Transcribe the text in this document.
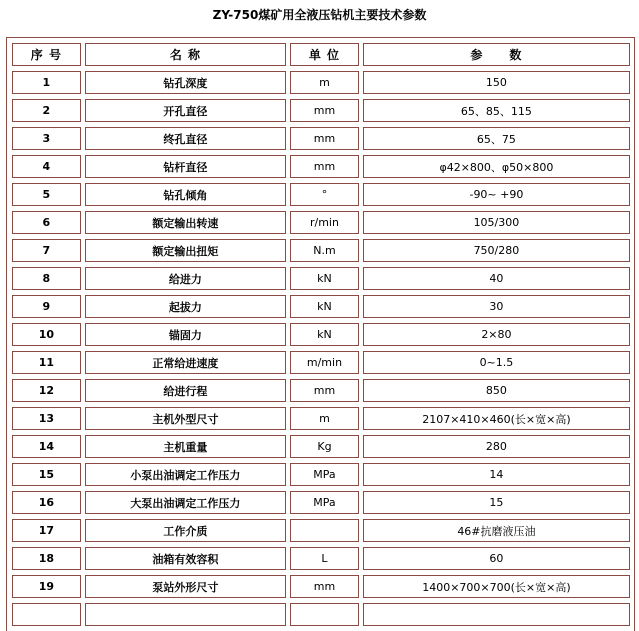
ZY-750煤矿用全液压钻机主要技术参数
序 号	名 称	单 位	参　　数
1	钻孔深度	m	150
2	开孔直径	mm	65、85、115
3	终孔直径	mm	65、75
4	钻杆直径	mm	φ42×800、φ50×800
5	钻孔倾角	°	-90~ +90
6	额定输出转速	r/min	105/300
7	额定输出扭矩	N.m	750/280
8	给进力	kN	40
9	起拔力	kN	30
10	锚固力	kN	2×80
11	正常给进速度	m/min	0~1.5
12	给进行程	mm	850
13	主机外型尺寸	m	2107×410×460(长×宽×高)
14	主机重量	Kg	280
15	小泵出油调定工作压力	MPa	14
16	大泵出油调定工作压力	MPa	15
17	工作介质		46#抗磨液压油
18	油箱有效容积	L	60
19	泵站外形尺寸	mm	1400×700×700(长×宽×高)
